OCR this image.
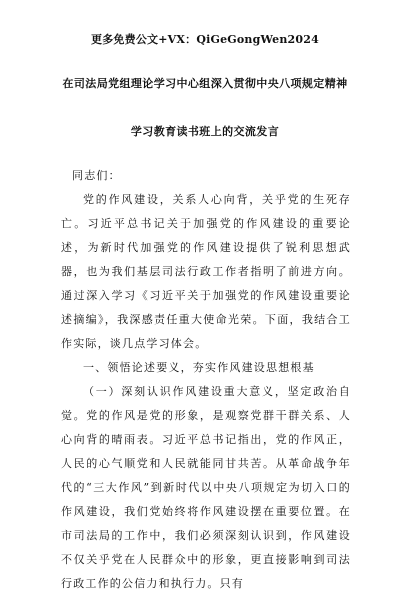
更多免费公文+VX：QiGeGongWen2024
在司法局党组理论学习中心组深入贯彻中央八项规定精神
学习教育读书班上的交流发言

同志们：

党的作风建设，关系人心向背，关乎党的生死存亡。习近平总书记关于加强党的作风建设的重要论述，为新时代加强党的作风建设提供了锐利思想武器，也为我们基层司法行政工作者指明了前进方向。通过深入学习《习近平关于加强党的作风建设重要论述摘编》，我深感责任重大使命光荣。下面，我结合工作实际，谈几点学习体会。

一、领悟论述要义，夯实作风建设思想根基

（一）深刻认识作风建设重大意义，坚定政治自觉。党的作风是党的形象，是观察党群干群关系、人心向背的晴雨表。习近平总书记指出，党的作风正，人民的心气顺党和人民就能同甘共苦。从革命战争年代的“三大作风”到新时代以中央八项规定为切入口的作风建设，我们党始终将作风建设摆在重要位置。在市司法局的工作中，我们必须深刻认识到，作风建设不仅关乎党在人民群众中的形象，更直接影响到司法行政工作的公信力和执行力。只有
